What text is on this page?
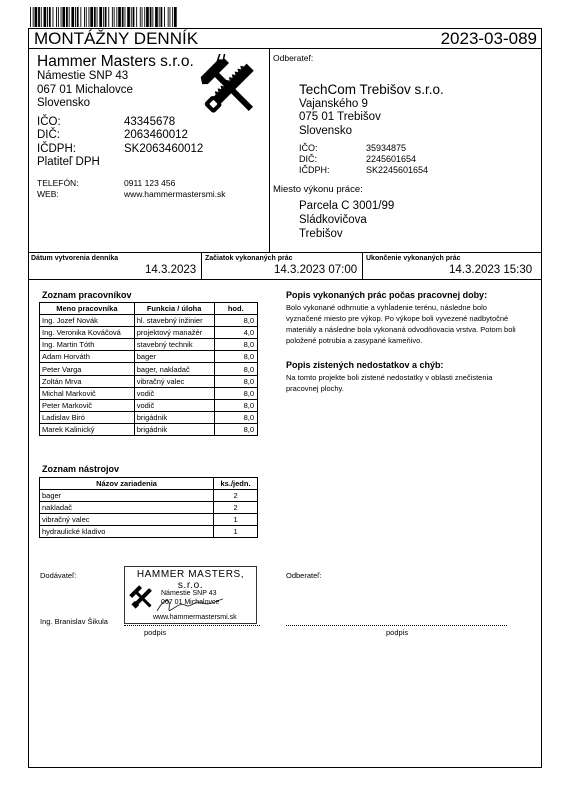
MONTÁŽNY DENNÍK	2023-03-089
Hammer Masters s.r.o.
Námestie SNP 43
067 01 Michalovce
Slovensko
IČO:	43345678
DIČ:	2063460012
IČDPH:	SK2063460012
Platiteľ DPH
TELEFÓN:	0911 123 456
WEB:	www.hammermastersmi.sk
Odberateľ:
TechCom Trebišov s.r.o.
Vajanského 9
075 01 Trebišov
Slovensko
IČO:	35934875
DIČ:	2245601654
IČDPH:	SK2245601654
Miesto výkonu práce:
Parcela C 3001/99
Sládkovičova
Trebišov
Dátum vytvorenia denníka
14.3.2023
Začiatok vykonaných prác
14.3.2023 07:00
Ukončenie vykonaných prác
14.3.2023 15:30
Zoznam pracovníkov
Meno pracovníka	Funkcia / úloha	hod.
Ing. Jozef Novák	hl. stavebný inžinier	8,0
Ing. Veronika Kováčová	projektový manažér	4,0
Ing. Martin Tóth	stavebný technik	8,0
Adam Horváth	bager	8,0
Peter Varga	bager, nakladač	8,0
Zoltán Mrva	vibračný valec	8,0
Michal Markovič	vodič	8,0
Peter Markovič	vodič	8,0
Ladislav Biró	brigádnik	8,0
Marek Kalinický	brigádnik	8,0
Zoznam nástrojov
Názov zariadenia	ks./jedn.
bager	2
nakladač	2
vibračný valec	1
hydraulické kladivo	1
Popis vykonaných prác počas pracovnej doby:
Bolo vykonané odhrnutie a vyhĺadenie terénu, následne bolo
vyznačené miesto pre výkop. Po výkope boli vyvezené nadbytočné
materiály a následne bola vykonaná odvodňovacia vrstva. Potom boli
položené potrubia a zasypané kameňivo.
Popis zistených nedostatkov a chýb:
Na tomto projekte boli zistené nedostatky v oblasti znečistenia
pracovnej plochy.
Dodávateľ:
Ing. Branislav Šikula
podpis
Odberateľ:
podpis
HAMMER MASTERS, s.r.o.
Námestie SNP 43
067 01 Michalovce
www.hammermastersmi.sk
